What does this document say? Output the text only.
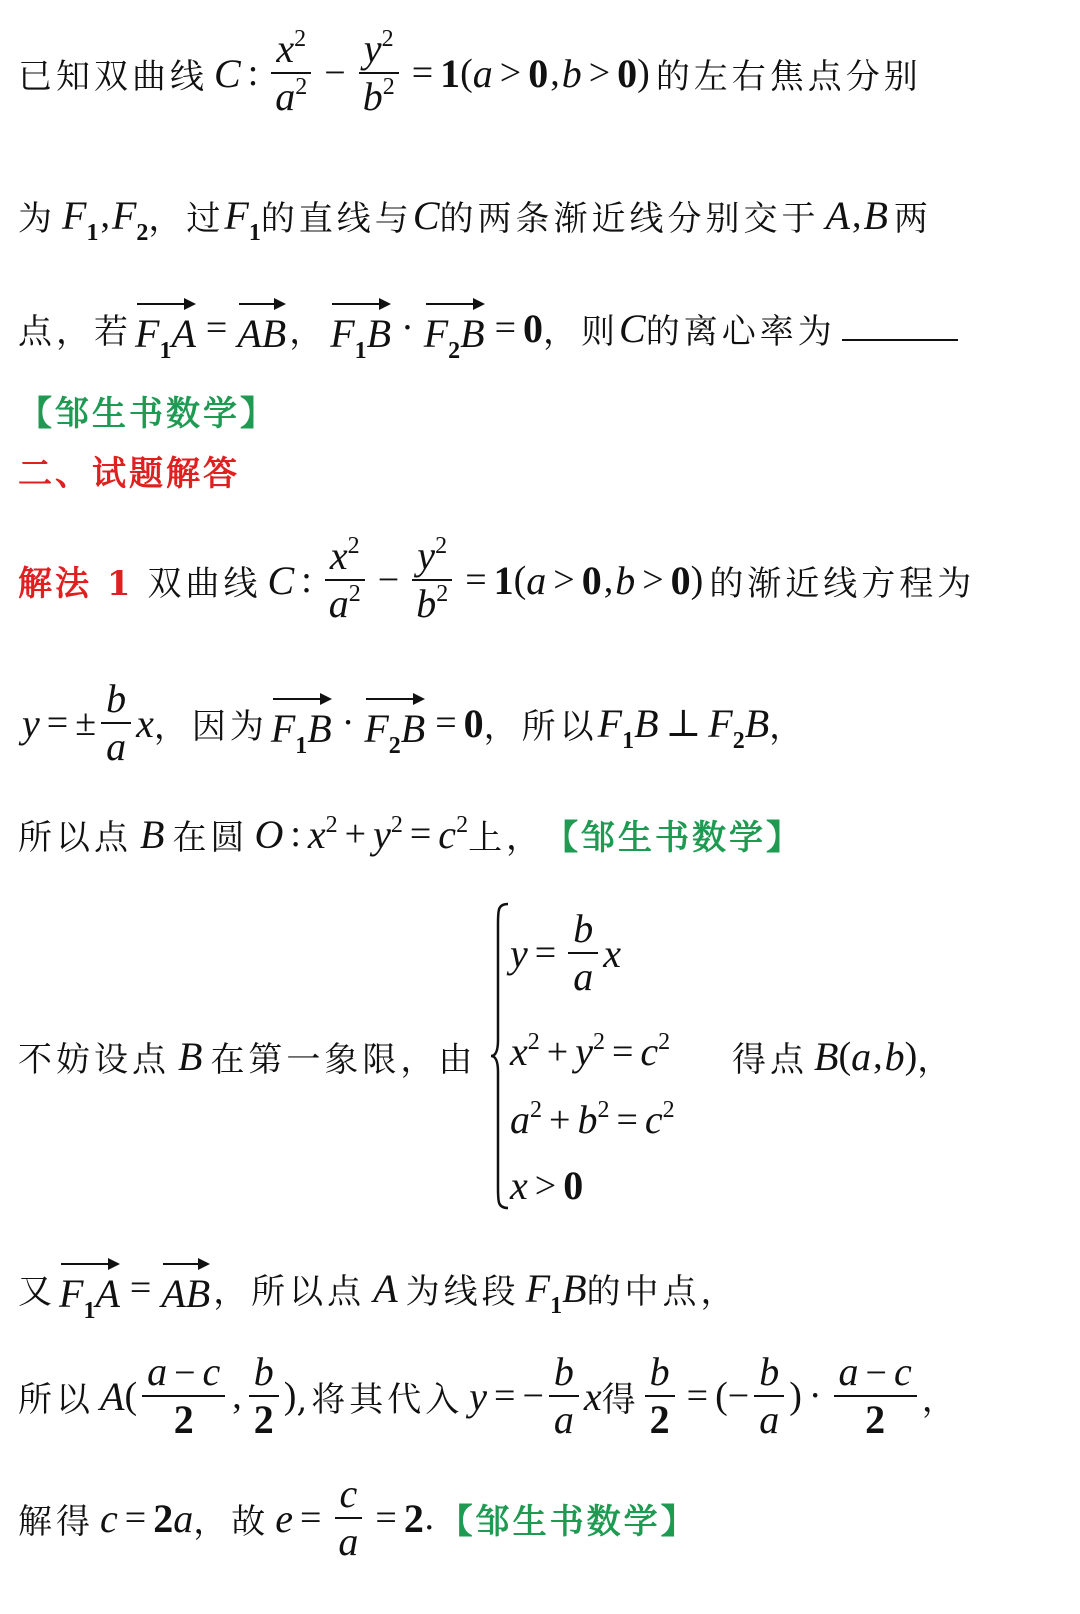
已知双曲线 C : $\frac{x^2}{a^2} - \frac{y^2}{b^2} = 1$ ( a > 0 , b > 0 ) 的左右焦点分别
为 $F_1$ , $F_2$ ，过 $F_1$ 的直线与 C 的两条渐近线分别交于 A , B 两
点，若 $F_1A$ = AB ， $F_1B \cdot F_2B = 0$ ，则 C 的离心率为
【邹生书数学】
二、试题解答
解法 1 双曲线 C : $\frac{x^2}{a^2} - \frac{y^2}{b^2} = 1$ ( a > 0 , b > 0 ) 的渐近线方程为
y = ± $\frac{b}{a}$ x ，因为 $F_1B \cdot F_2B = 0$ ，所以 $F_1B$ ⊥ $F_2B$ ，
所以点 B 在圆 O : $x^2 + y^2 = c^2$ 上， 【邹生书数学】
不妨设点 B 在第一象限，由
$y = \frac{b}{a}$ x
$x^2 + y^2 = c^2$
$a^2 + b^2 = c^2$
x > 0
得点 B ( a , b ) ，
又 $F_1A$ = AB ，所以点 A 为线段 $F_1B$ 的中点，
所以 A ( $\frac{a - c}{2}$ , $\frac{b}{2}$ ) ,将其代入 y = − $\frac{b}{a}$ x 得 $\frac{b}{2}$ = ( − $\frac{b}{a}$ ) · $\frac{a - c}{2}$ ，
解得 c = 2 a ，故 $e = \frac{c}{a} = 2$ . 【邹生书数学】
